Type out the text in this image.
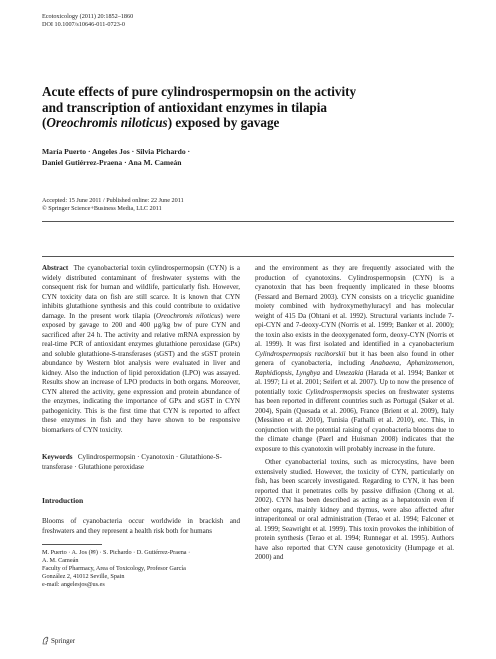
Ecotoxicology (2011) 20:1852–1860
DOI 10.1007/s10646-011-0723-0
Acute effects of pure cylindrospermopsin on the activity
and transcription of antioxidant enzymes in tilapia
(Oreochromis niloticus) exposed by gavage
María Puerto · Angeles Jos · Silvia Pichardo ·
Daniel Gutiérrez-Praena · Ana M. Cameán
Accepted: 15 June 2011 / Published online: 22 June 2011
© Springer Science+Business Media, LLC 2011

Abstract The cyanobacterial toxin cylindrospermopsin (CYN) is a widely distributed contaminant of freshwater systems with the consequent risk for human and wildlife, particularly fish. However, CYN toxicity data on fish are still scarce. It is known that CYN inhibits glutathione synthesis and this could contribute to oxidative damage. In the present work tilapia (Oreochromis niloticus) were exposed by gavage to 200 and 400 µg/kg bw of pure CYN and sacrificed after 24 h. The activity and relative mRNA expression by real-time PCR of antioxidant enzymes glutathione peroxidase (GPx) and soluble glutathione-S-transferases (sGST) and the sGST protein abundance by Western blot analysis were evaluated in liver and kidney. Also the induction of lipid peroxidation (LPO) was assayed. Results show an increase of LPO products in both organs. Moreover, CYN altered the activity, gene expression and protein abundance of the enzymes, indicating the importance of GPx and sGST in CYN pathogenicity. This is the first time that CYN is reported to affect these enzymes in fish and they have shown to be responsive biomarkers of CYN toxicity.

Keywords Cylindrospermopsin · Cyanotoxin · Glutathione-S-transferase · Glutathione peroxidase
Introduction
Blooms of cyanobacteria occur worldwide in brackish and freshwaters and they represent a health risk both for humans
M. Puerto · A. Jos (✉) · S. Pichardo · D. Gutiérrez-Praena ·
A. M. Cameán
Faculty of Pharmacy, Area of Toxicology, Profesor García
González 2, 41012 Seville, Spain
e-mail: angelesjos@us.es

and the environment as they are frequently associated with the production of cyanotoxins. Cylindrospermopsin (CYN) is a cyanotoxin that has been frequently implicated in these blooms (Fessard and Bernard 2003). CYN consists on a tricyclic guanidine moiety combined with hydroxymethyluracyl and has molecular weight of 415 Da (Ohtani et al. 1992). Structural variants include 7-epi-CYN and 7-deoxy-CYN (Norris et al. 1999; Banker et al. 2000); the toxin also exists in the deoxygenated form, deoxy-CYN (Norris et al. 1999). It was first isolated and identified in a cyanobacterium Cylindrospermopsis raciborskii but it has been also found in other genera of cyanobacteria, including Anabaena, Aphanizomenon, Raphidiopsis, Lyngbya and Umezakia (Harada et al. 1994; Banker et al. 1997; Li et al. 2001; Seifert et al. 2007). Up to now the presence of potentially toxic Cylindrospermopsis species on freshwater systems has been reported in different countries such as Portugal (Saker et al. 2004), Spain (Quesada et al. 2006), France (Brient et al. 2009), Italy (Messineo et al. 2010), Tunisia (Fathalli et al. 2010), etc. This, in conjunction with the potential raising of cyanobacteria blooms due to the climate change (Paerl and Huisman 2008) indicates that the exposure to this cyanotoxin will probably increase in the future.

Other cyanobacterial toxins, such as microcystins, have been extensively studied. However, the toxicity of CYN, particularly on fish, has been scarcely investigated. Regarding to CYN, it has been reported that it penetrates cells by passive diffusion (Chong et al. 2002). CYN has been described as acting as a hepatotoxin even if other organs, mainly kidney and thymus, were also affected after intraperitoneal or oral administration (Terao et al. 1994; Falconer et al. 1999; Seawright et al. 1999). This toxin provokes the inhibition of protein synthesis (Terao et al. 1994; Runnegar et al. 1995). Authors have also reported that CYN cause genotoxicity (Humpage et al. 2000) and

Springer
